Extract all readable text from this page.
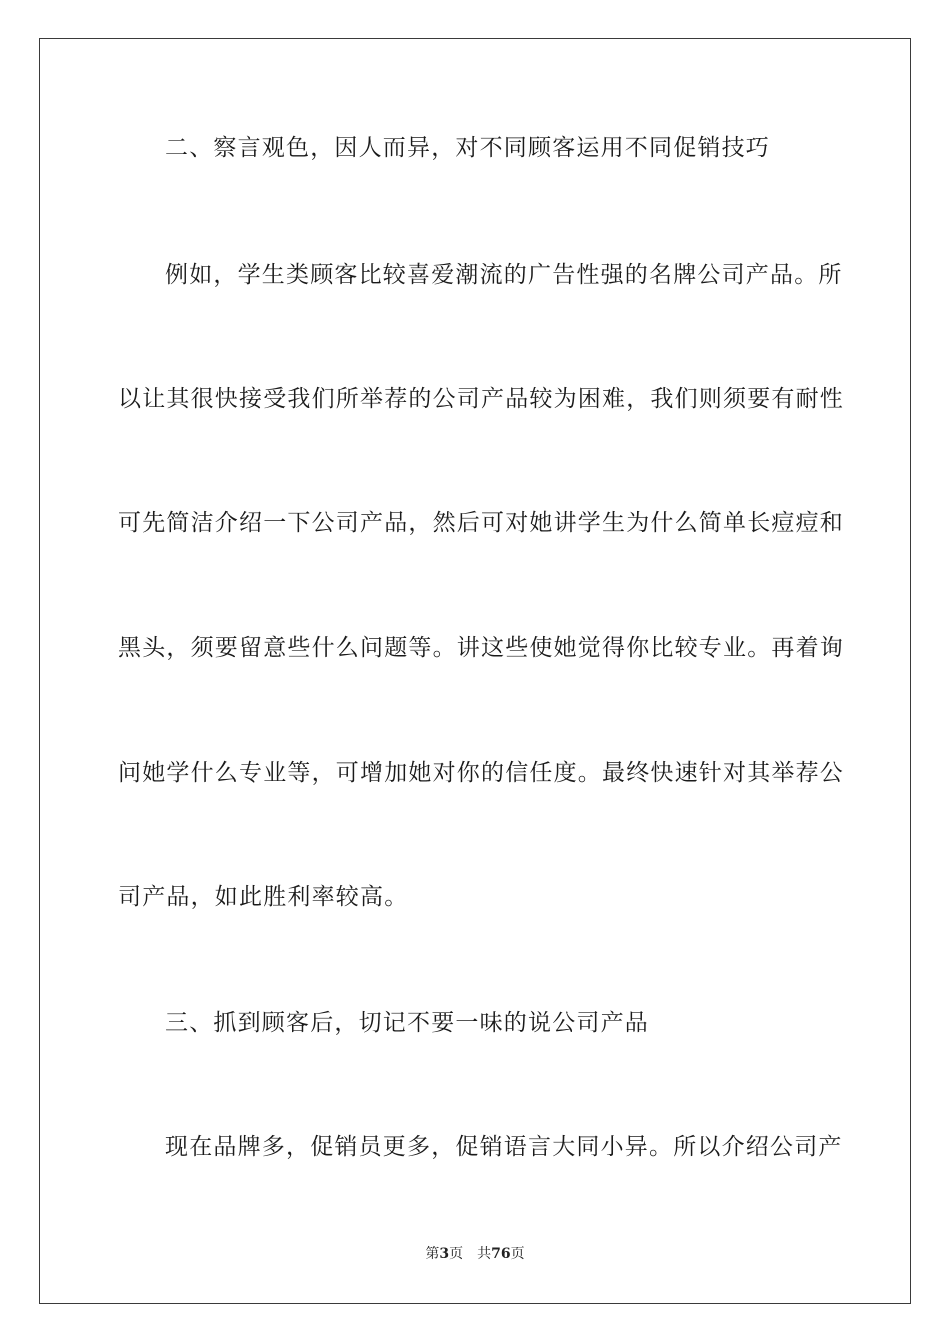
二、察言观色，因人而异，对不同顾客运用不同促销技巧
例如，学生类顾客比较喜爱潮流的广告性强的名牌公司产品。所
以让其很快接受我们所举荐的公司产品较为困难，我们则须要有耐性
可先简洁介绍一下公司产品，然后可对她讲学生为什么简单长痘痘和
黑头，须要留意些什么问题等。讲这些使她觉得你比较专业。再着询
问她学什么专业等，可增加她对你的信任度。最终快速针对其举荐公
司产品，如此胜利率较高。
三、抓到顾客后，切记不要一味的说公司产品
现在品牌多，促销员更多，促销语言大同小异。所以介绍公司产
第3页 共76页
